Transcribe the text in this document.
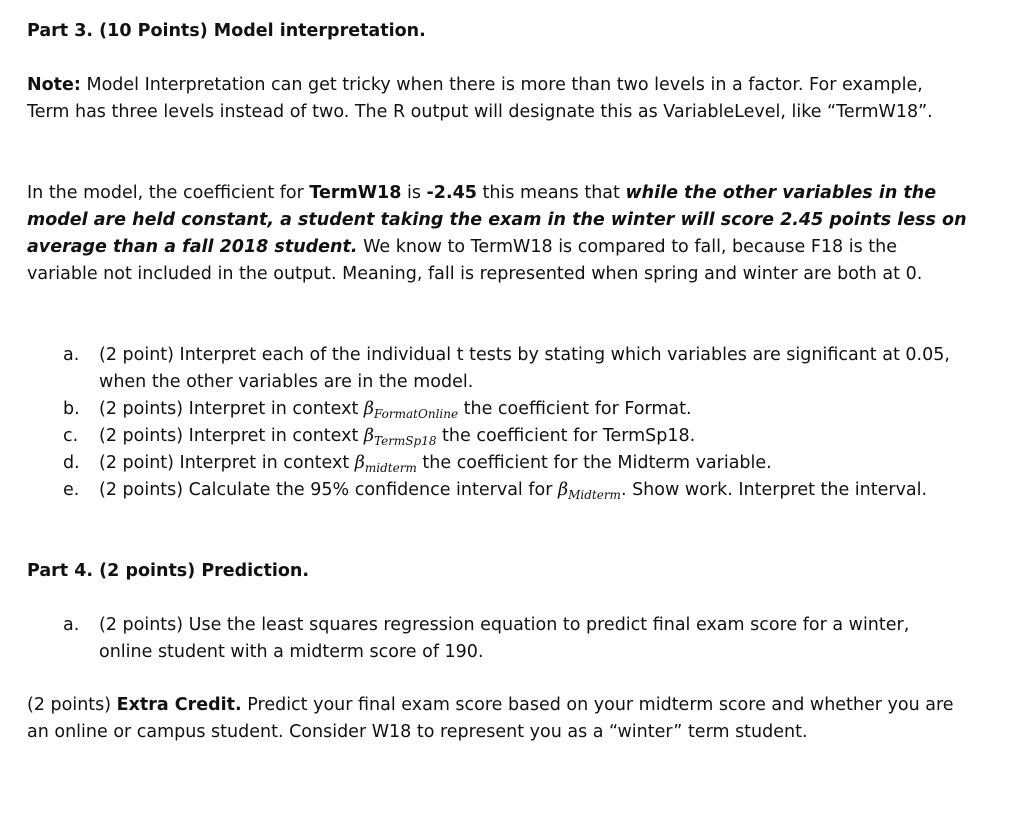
Part 3. (10 Points) Model interpretation.

Note: Model Interpretation can get tricky when there is more than two levels in a factor. For example, Term has three levels instead of two. The R output will designate this as VariableLevel, like “TermW18”.

In the model, the coefficient for TermW18 is -2.45 this means that while the other variables in the model are held constant, a student taking the exam in the winter will score 2.45 points less on average than a fall 2018 student. We know to TermW18 is compared to fall, because F18 is the variable not included in the output. Meaning, fall is represented when spring and winter are both at 0.

a. (2 point) Interpret each of the individual t tests by stating which variables are significant at 0.05, when the other variables are in the model.
b. (2 points) Interpret in context $\beta_{FormatOnline}$ the coefficient for Format.
c. (2 points) Interpret in context $\beta_{TermSp18}$ the coefficient for TermSp18.
d. (2 point) Interpret in context $\beta_{midterm}$ the coefficient for the Midterm variable.
e. (2 points) Calculate the 95% confidence interval for $\beta_{Midterm}$. Show work. Interpret the interval.
Part 4. (2 points) Prediction.
a. (2 points) Use the least squares regression equation to predict final exam score for a winter, online student with a midterm score of 190.

(2 points) Extra Credit. Predict your final exam score based on your midterm score and whether you are an online or campus student. Consider W18 to represent you as a “winter” term student.
